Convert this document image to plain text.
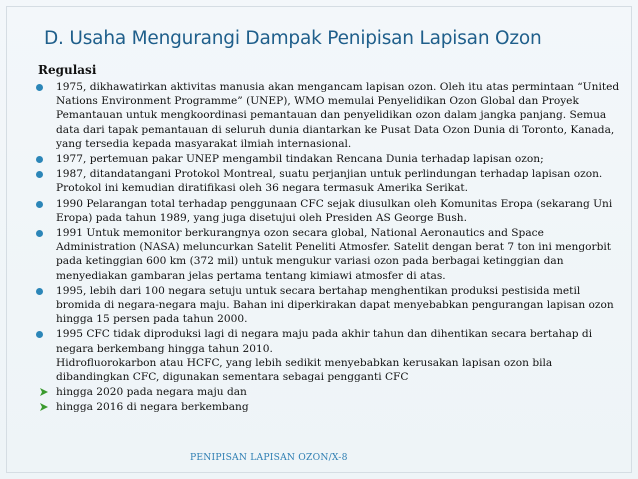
D. Usaha Mengurangi Dampak Penipisan Lapisan Ozon
Regulasi
1975, dikhawatirkan aktivitas manusia akan mengancam lapisan ozon. Oleh itu atas permintaan “United Nations Environment Programme” (UNEP), WMO memulai Penyelidikan Ozon Global dan Proyek Pemantauan untuk mengkoordinasi pemantauan dan penyelidikan ozon dalam jangka panjang. Semua data dari tapak pemantauan di seluruh dunia diantarkan ke Pusat Data Ozon Dunia di Toronto, Kanada, yang tersedia kepada masyarakat ilmiah internasional.
1977, pertemuan pakar UNEP mengambil tindakan Rencana Dunia terhadap lapisan ozon;
1987, ditandatangani Protokol Montreal, suatu perjanjian untuk perlindungan terhadap lapisan ozon. Protokol ini kemudian diratifikasi oleh 36 negara termasuk Amerika Serikat.
1990 Pelarangan total terhadap penggunaan CFC sejak diusulkan oleh Komunitas Eropa (sekarang Uni Eropa) pada tahun 1989, yang juga disetujui oleh Presiden AS George Bush.
1991 Untuk memonitor berkurangnya ozon secara global, National Aeronautics and Space Administration (NASA) meluncurkan Satelit Peneliti Atmosfer. Satelit dengan berat 7 ton ini mengorbit pada ketinggian 600 km (372 mil) untuk mengukur variasi ozon pada berbagai ketinggian dan menyediakan gambaran jelas pertama tentang kimiawi atmosfer di atas.
1995, lebih dari 100 negara setuju untuk secara bertahap menghentikan produksi pestisida metil bromida di negara-negara maju. Bahan ini diperkirakan dapat menyebabkan pengurangan lapisan ozon hingga 15 persen pada tahun 2000.
1995 CFC tidak diproduksi lagi di negara maju pada akhir tahun dan dihentikan secara bertahap di negara berkembang hingga tahun 2010.
Hidrofluorokarbon atau HCFC, yang lebih sedikit menyebabkan kerusakan lapisan ozon bila dibandingkan CFC, digunakan sementara sebagai pengganti CFC
hingga 2020 pada negara maju dan
hingga 2016 di negara berkembang
PENIPISAN LAPISAN OZON/X-8
